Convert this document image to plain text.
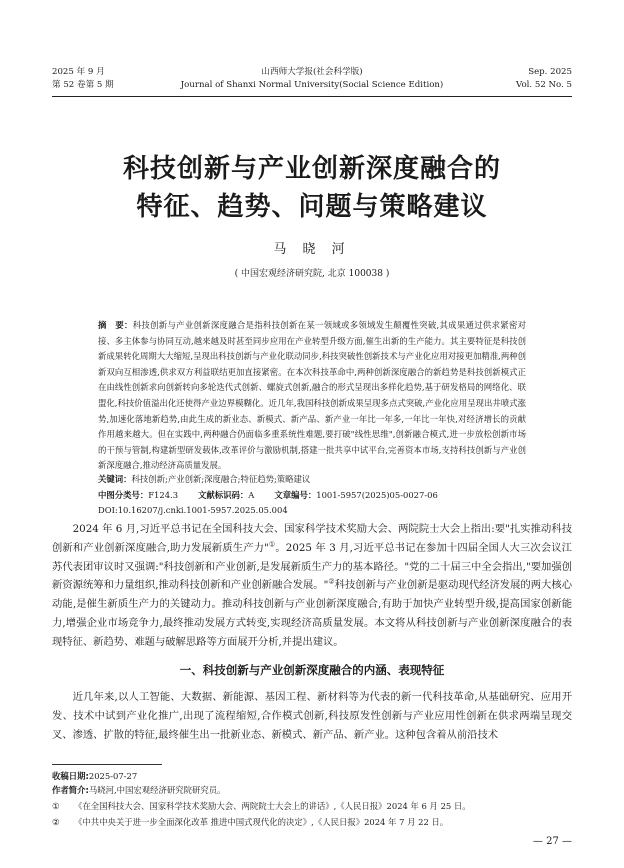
2025 年 9 月
第 52 卷第 5 期
山西师大学报(社会科学版)
Journal of Shanxi Normal University(Social Science Edition)
Sep. 2025
Vol. 52 No. 5
科技创新与产业创新深度融合的
特征、趋势、问题与策略建议
马 晓 河
( 中国宏观经济研究院, 北京 100038 )
摘　要：科技创新与产业创新深度融合是指科技创新在某一领域或多领域发生颠覆性突破,其成果通过供求紧密对接、多主体参与协同互动,越来越及时甚至同步应用在产业转型升级方面,催生出新的生产能力。其主要特征是科技创新成果转化周期大大缩短,呈现出科技创新与产业化联动同步,科技突破性创新技术与产业化应用对接更加精准,两种创新双向互相渗透,供求双方利益联结更加直接紧密。在本次科技革命中,两种创新深度融合的新趋势是科技创新模式正在由线性创新求向创新转向多轮迭代式创新、螺旋式创新,融合的形式呈现出多样化趋势,基于研发格局的网络化、联盟化,科技价值溢出化还使得产业边界模糊化。近几年,我国科技创新成果呈现多点式突破,产业化应用呈现出井喷式涨势,加速化落地新趋势,由此生成的新业态、新模式、新产品、新产业一年比一年多,一年比一年快,对经济增长的贡献作用越来越大。但在实践中,两种融合仍面临多重系统性难题,要打破"线性思维",创新融合模式,进一步放松创新市场的干预与管制,构建新型研发载体,改革评价与激励机制,搭建一批共享中试平台,完善资本市场,支持科技创新与产业创新深度融合,推动经济高质量发展。
关键词：科技创新;产业创新;深度融合;特征趋势;策略建议
中图分类号：F124.3 文献标识码：A 文章编号：1001-5957(2025)05-0027-06
DOI:10.16207/j.cnki.1001-5957.2025.05.004

2024 年 6 月,习近平总书记在全国科技大会、国家科学技术奖励大会、两院院士大会上指出:要"扎实推动科技创新和产业创新深度融合,助力发展新质生产力"①。2025 年 3 月,习近平总书记在参加十四届全国人大三次会议江苏代表团审议时又强调:"科技创新和产业创新,是发展新质生产力的基本路径。"党的二十届三中全会指出,"要加强创新资源统筹和力量组织,推动科技创新和产业创新融合发展。"②科技创新与产业创新是驱动现代经济发展的两大核心动能,是催生新质生产力的关键动力。推动科技创新与产业创新深度融合,有助于加快产业转型升级,提高国家创新能力,增强企业市场竞争力,最终推动发展方式转变,实现经济高质量发展。本文将从科技创新与产业创新深度融合的表现特征、新趋势、难题与破解思路等方面展开分析,并提出建议。

一、科技创新与产业创新深度融合的内涵、表现特征

近几年来,以人工智能、大数据、新能源、基因工程、新材料等为代表的新一代科技革命,从基础研究、应用开发、技术中试到产业化推广,出现了流程缩短,合作模式创新,科技原发性创新与产业应用性创新在供求两端呈现交叉、渗透、扩散的特征,最终催生出一批新业态、新模式、新产品、新产业。这种包含着从前沿技术

收稿日期:2025-07-27
作者简介:马晓河,中国宏观经济研究院研究员。
① 《在全国科技大会、国家科学技术奖励大会、两院院士大会上的讲话》,《人民日报》2024 年 6 月 25 日。
② 《中共中央关于进一步全面深化改革 推进中国式现代化的决定》,《人民日报》2024 年 7 月 22 日。
— 27 —
